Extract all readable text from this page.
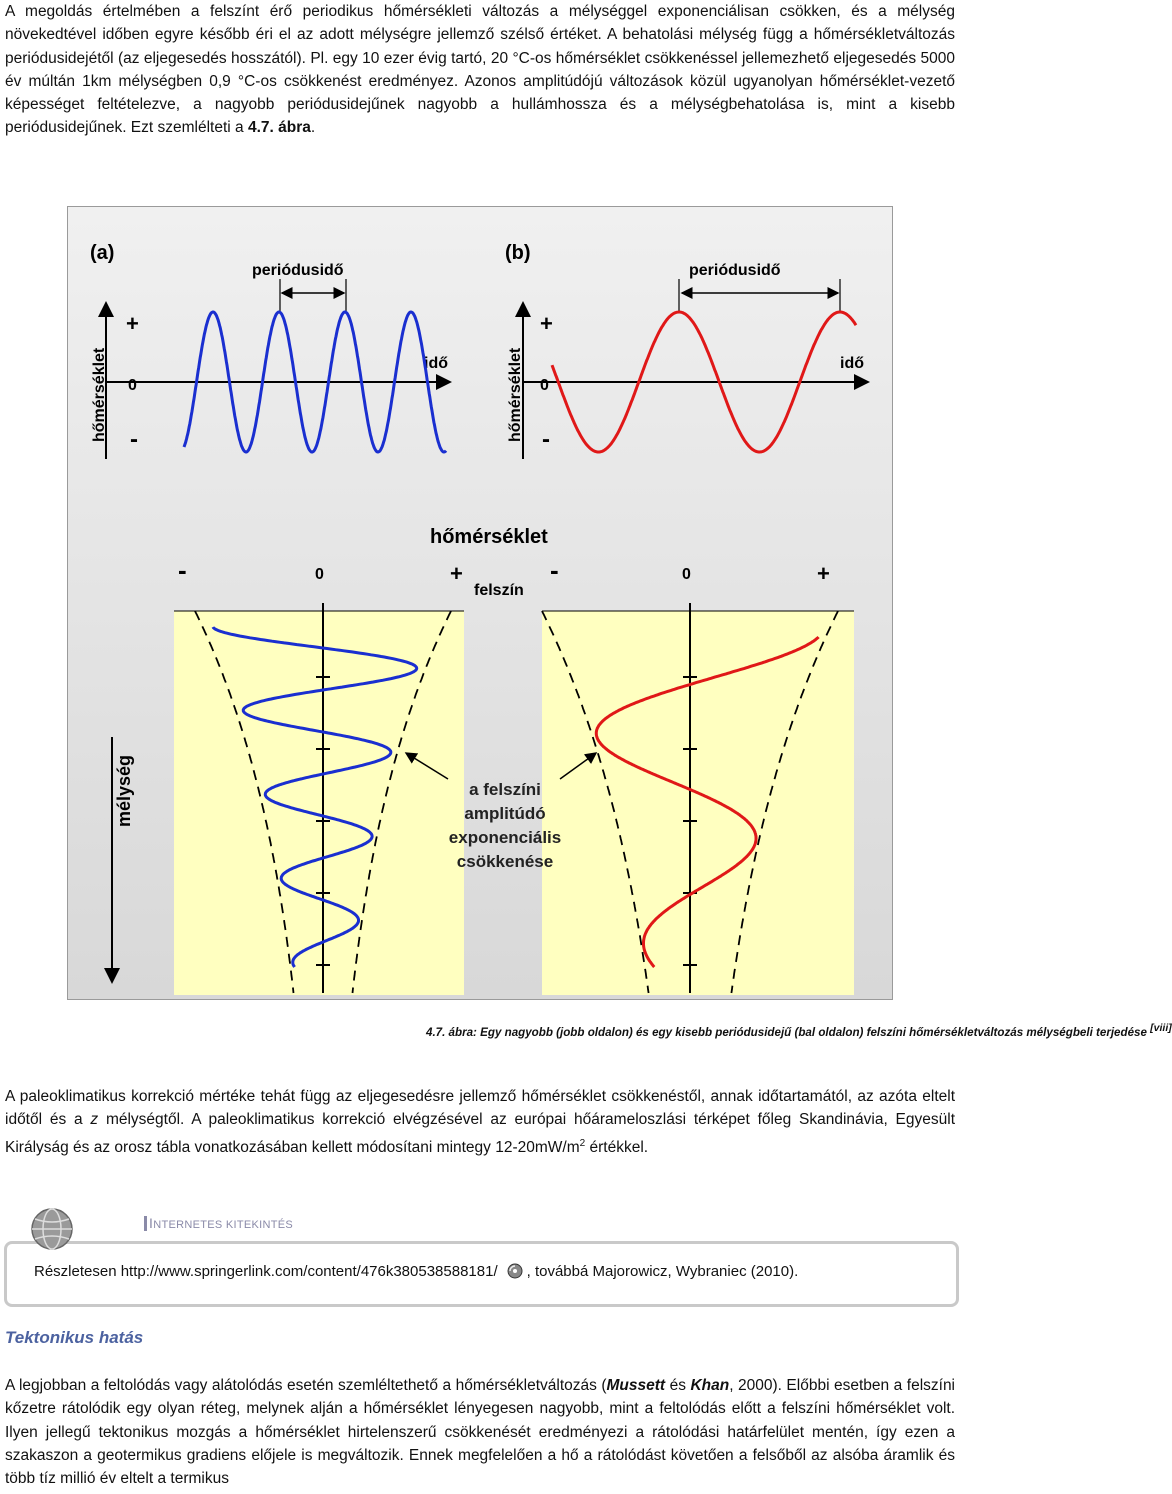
A megoldás értelmében a felszínt érő periodikus hőmérsékleti változás a mélységgel exponenciálisan csökken, és a mélység növekedtével időben egyre később éri el az adott mélységre jellemző szélső értéket. A behatolási mélység függ a hőmérsékletváltozás periódusidejétől (az eljegesedés hosszától). Pl. egy 10 ezer évig tartó, 20 °C-os hőmérséklet csökkenéssel jellemezhető eljegesedés 5000 év múltán 1km mélységben 0,9 °C-os csökkenést eredményez. Azonos amplitúdójú változások közül ugyanolyan hőmérséklet-vezető képességet feltételezve, a nagyobb periódusidejűnek nagyobb a hullámhossza és a mélységbehatolása is, mint a kisebb periódusidejűnek. Ezt szemlélteti a 4.7. ábra.

(a)
periódusidő
+
0
-
hőmérséklet	idő
(b)
periódusidő
+
0
-
hőmérséklet	idő
hőmérséklet
-	0	+	-	0	+
felszín
mélység	a felszíni
amplitúdó
exponenciális
csökkenése
4.7. ábra: Egy nagyobb (jobb oldalon) és egy kisebb periódusidejű (bal oldalon) felszíni hőmérsékletváltozás mélységbeli terjedése [viii]

A paleoklimatikus korrekció mértéke tehát függ az eljegesedésre jellemző hőmérséklet csökkenéstől, annak időtartamától, az azóta eltelt időtől és a z mélységtől. A paleoklimatikus korrekció elvégzésével az európai hőárameloszlási térképet főleg Skandinávia, Egyesült Királyság és az orosz tábla vonatkozásában kellett módosítani mintegy $12-20mW/m^2$ értékkel.

INTERNETES KITEKINTÉS
Részletesen http://www.springerlink.com/content/476k380538588181/ , továbbá Majorowicz, Wybraniec (2010).
Tektonikus hatás

A legjobban a feltolódás vagy alátolódás esetén szemléltethető a hőmérsékletváltozás (Mussett és Khan, 2000). Előbbi esetben a felszíni kőzetre rátolódik egy olyan réteg, melynek alján a hőmérséklet lényegesen nagyobb, mint a feltolódás előtt a felszíni hőmérséklet volt. Ilyen jellegű tektonikus mozgás a hőmérséklet hirtelenszerű csökkenését eredményezi a rátolódási határfelület mentén, így ezen a szakaszon a geotermikus gradiens előjele is megváltozik. Ennek megfelelően a hő a rátolódást követően a felsőből az alsóba áramlik és több tíz millió év eltelt a termikus
